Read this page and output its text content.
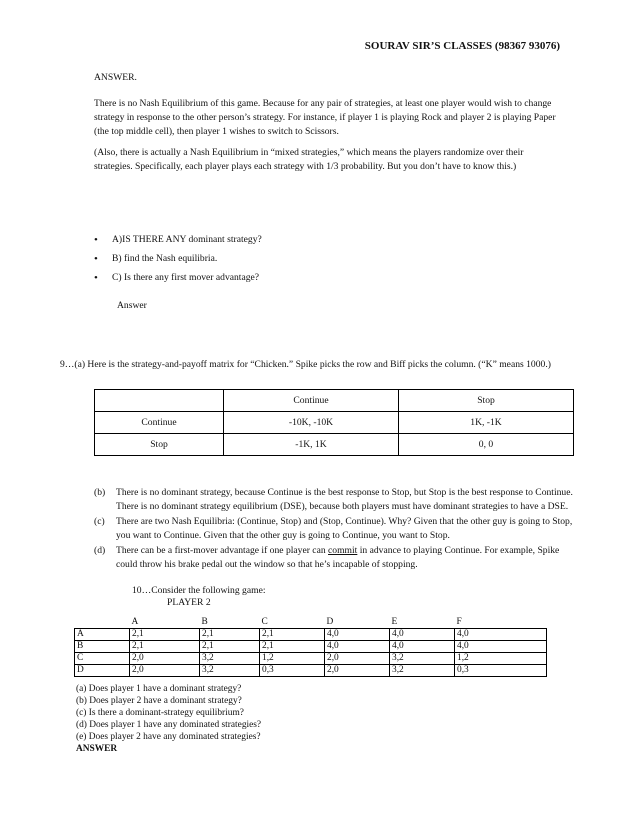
SOURAV SIR’S CLASSES (98367 93076)
ANSWER.
There is no Nash Equilibrium of this game. Because for any pair of strategies, at least one player would wish to change strategy in response to the other person’s strategy. For instance, if player 1 is playing Rock and player 2 is playing Paper (the top middle cell), then player 1 wishes to switch to Scissors.
(Also, there is actually a Nash Equilibrium in “mixed strategies,” which means the players randomize over their strategies. Specifically, each player plays each strategy with 1/3 probability. But you don’t have to know this.)
• A)IS THERE ANY dominant strategy?
• B) find the Nash equilibria.
• C) Is there any first mover advantage?
Answer
9…(a) Here is the strategy-and-payoff matrix for “Chicken.” Spike picks the row and Biff picks the column. (“K” means 1000.)
	Continue	Stop
Continue	-10K, -10K	1K, -1K
Stop	-1K, 1K	0, 0
(b) There is no dominant strategy, because Continue is the best response to Stop, but Stop is the best response to Continue. There is no dominant strategy equilibrium (DSE), because both players must have dominant strategies to have a DSE.
(c) There are two Nash Equilibria: (Continue, Stop) and (Stop, Continue). Why? Given that the other guy is going to Stop, you want to Continue. Given that the other guy is going to Continue, you want to Stop.
(d) There can be a first-mover advantage if one player can commit in advance to playing Continue. For example, Spike could throw his brake pedal out the window so that he’s incapable of stopping.
10…Consider the following game:
PLAYER 2
	A	B	C	D	E	F
A	2,1	2,1	2,1	4,0	4,0	4,0
B	2,1	2,1	2,1	4,0	4,0	4,0
C	2,0	3,2	1,2	2,0	3,2	1,2
D	2,0	3,2	0,3	2,0	3,2	0,3
(a) Does player 1 have a dominant strategy?
(b) Does player 2 have a dominant strategy?
(c) Is there a dominant-strategy equilibrium?
(d) Does player 1 have any dominated strategies?
(e) Does player 2 have any dominated strategies?
ANSWER
